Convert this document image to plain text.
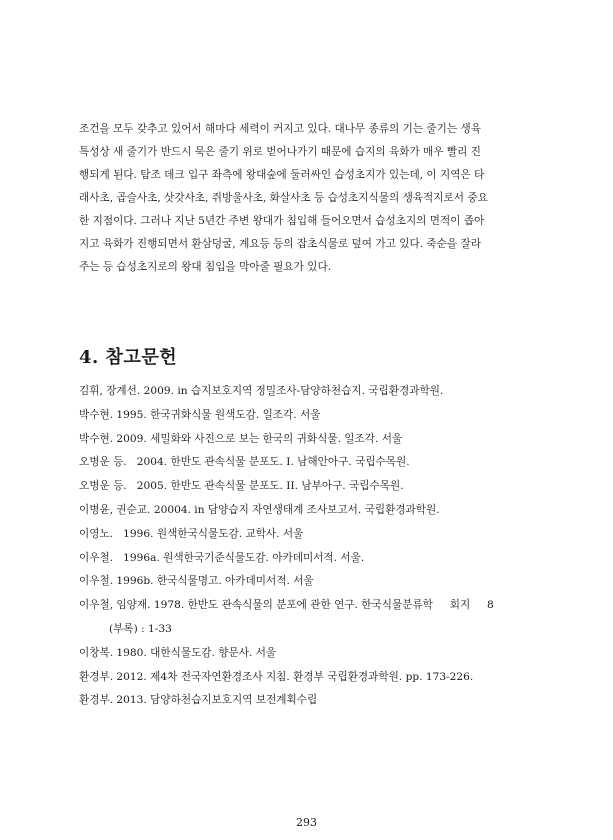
조건을 모두 갖추고 있어서 해마다 세력이 커지고 있다. 대나무 종류의 기는 줄기는 생육

특성상 새 줄기가 반드시 묵은 줄기 위로 벋어나가기 때문에 습지의 육화가 매우 빨리 진

행되게 된다. 탐조 데크 입구 좌측에 왕대숲에 둘러싸인 습성초지가 있는데, 이 지역은 타

래사초, 곱슬사초, 삿갓사초, 쥐방울사초, 화살사초 등 습성초지식물의 생육적지로서 중요

한 지점이다. 그러나 지난 5년간 주변 왕대가 침입해 들어오면서 습성초지의 면적이 좁아

지고 육화가 진행되면서 환삼덩굴, 계요등 등의 잡초식물로 덮여 가고 있다. 죽순을 잘라

주는 등 습성초지로의 왕대 침입을 막아줄 필요가 있다.

4. 참고문헌
김휘, 장계선. 2009. in 습지보호지역 정밀조사-담양하천습지. 국립환경과학원.
박수현. 1995. 한국귀화식물 원색도감. 일조각. 서울
박수현. 2009. 세밀화와 사진으로 보는 한국의 귀화식물. 일조각. 서울
오병운 등.   2004. 한반도 관속식물 분포도. I. 남해안아구. 국립수목원.
오병운 등.   2005. 한반도 관속식물 분포도. II. 남부아구. 국립수목원.
이병윤, 권순교. 20004. in 담양습지 자연생태계 조사보고서. 국립환경과학원.
이영노.   1996. 원색한국식물도감. 교학사. 서울
이우철.   1996a. 원색한국기준식물도감. 아카데미서적. 서울.
이우철. 1996b. 한국식물명고. 아카데미서적. 서울
이우철, 임양재. 1978. 한반도 관속식물의 분포에 관한 연구. 한국식물분류학     회지     8
(부록) : 1-33
이창복. 1980. 대한식물도감. 향문사. 서울
환경부. 2012. 제4차 전국자연환경조사 지침. 환경부 국립환경과학원. pp. 173-226.
환경부. 2013. 담양하천습지보호지역 보전계획수립
293
